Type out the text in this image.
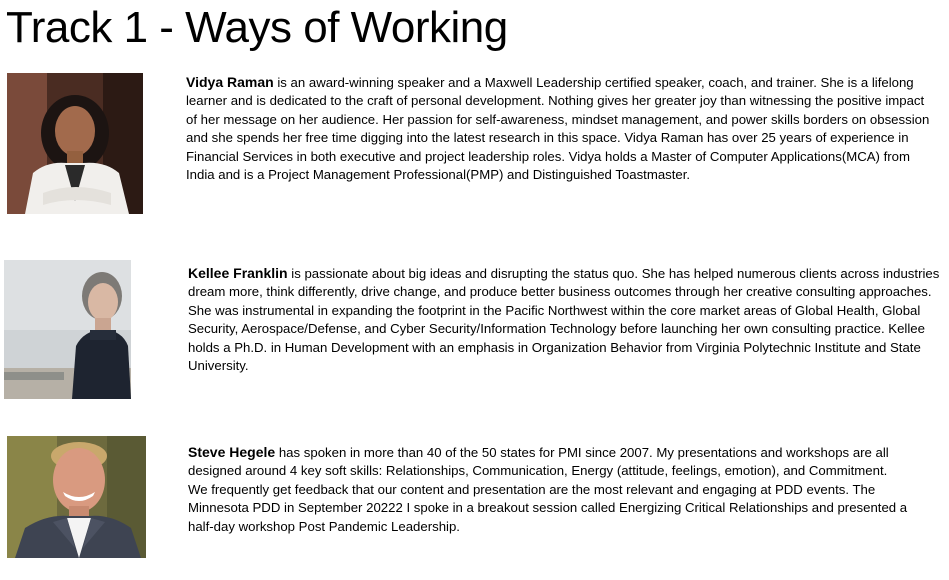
Track 1 - Ways of Working
Vidya Raman is an award-winning speaker and a Maxwell Leadership certified speaker, coach, and trainer. She is a lifelong learner and is dedicated to the craft of personal development. Nothing gives her greater joy than witnessing the positive impact of her message on her audience. Her passion for self-awareness, mindset management, and power skills borders on obsession and she spends her free time digging into the latest research in this space. Vidya Raman has over 25 years of experience in Financial Services in both executive and project leadership roles. Vidya holds a Master of Computer Applications(MCA) from India and is a Project Management Professional(PMP) and Distinguished Toastmaster.
Kellee Franklin is passionate about big ideas and disrupting the status quo. She has helped numerous clients across industries dream more, think differently, drive change, and produce better business outcomes through her creative consulting approaches. She was instrumental in expanding the footprint in the Pacific Northwest within the core market areas of Global Health, Global Security, Aerospace/Defense, and Cyber Security/Information Technology before launching her own consulting practice. Kellee holds a Ph.D. in Human Development with an emphasis in Organization Behavior from Virginia Polytechnic Institute and State University.
Steve Hegele has spoken in more than 40 of the 50 states for PMI since 2007. My presentations and workshops are all designed around 4 key soft skills: Relationships, Communication, Energy (attitude, feelings, emotion), and Commitment. We frequently get feedback that our content and presentation are the most relevant and engaging at PDD events. The Minnesota PDD in September 20222 I spoke in a breakout session called Energizing Critical Relationships and presented a half-day workshop Post Pandemic Leadership.
